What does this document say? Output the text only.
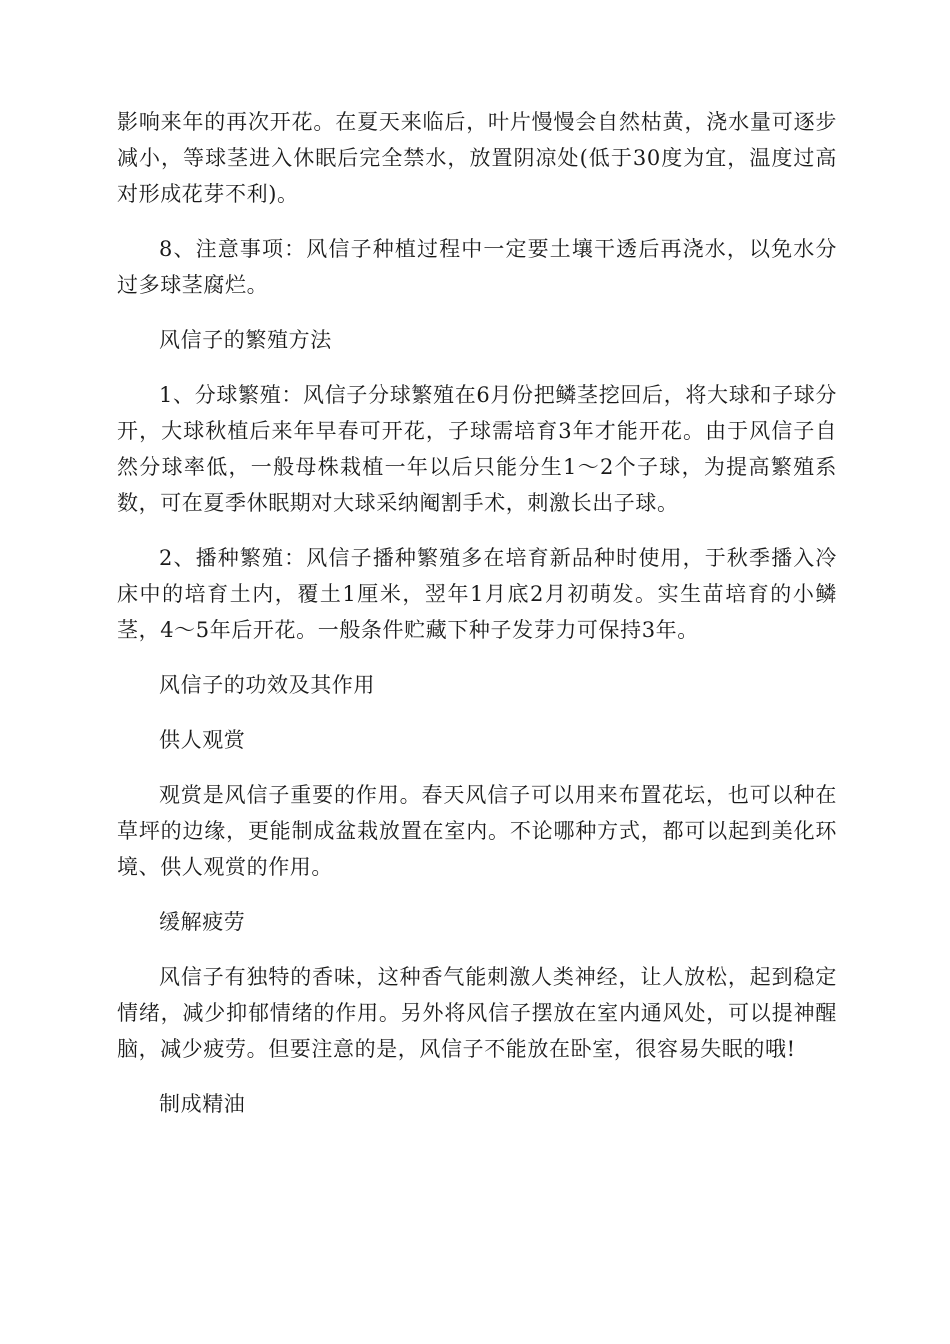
影响来年的再次开花。在夏天来临后，叶片慢慢会自然枯黄，浇水量可逐步减小，等球茎进入休眠后完全禁水，放置阴凉处(低于30度为宜，温度过高对形成花芽不利)。

8、注意事项：风信子种植过程中一定要土壤干透后再浇水，以免水分过多球茎腐烂。

风信子的繁殖方法

1、分球繁殖：风信子分球繁殖在6月份把鳞茎挖回后，将大球和子球分开，大球秋植后来年早春可开花，子球需培育3年才能开花。由于风信子自然分球率低，一般母株栽植一年以后只能分生1～2个子球，为提高繁殖系数，可在夏季休眠期对大球采纳阉割手术，刺激长出子球。

2、播种繁殖：风信子播种繁殖多在培育新品种时使用，于秋季播入冷床中的培育土内，覆土1厘米，翌年1月底2月初萌发。实生苗培育的小鳞茎，4～5年后开花。一般条件贮藏下种子发芽力可保持3年。

风信子的功效及其作用

供人观赏

观赏是风信子重要的作用。春天风信子可以用来布置花坛，也可以种在草坪的边缘，更能制成盆栽放置在室内。不论哪种方式，都可以起到美化环境、供人观赏的作用。

缓解疲劳

风信子有独特的香味，这种香气能刺激人类神经，让人放松，起到稳定情绪，减少抑郁情绪的作用。另外将风信子摆放在室内通风处，可以提神醒脑，减少疲劳。但要注意的是，风信子不能放在卧室，很容易失眠的哦!

制成精油
